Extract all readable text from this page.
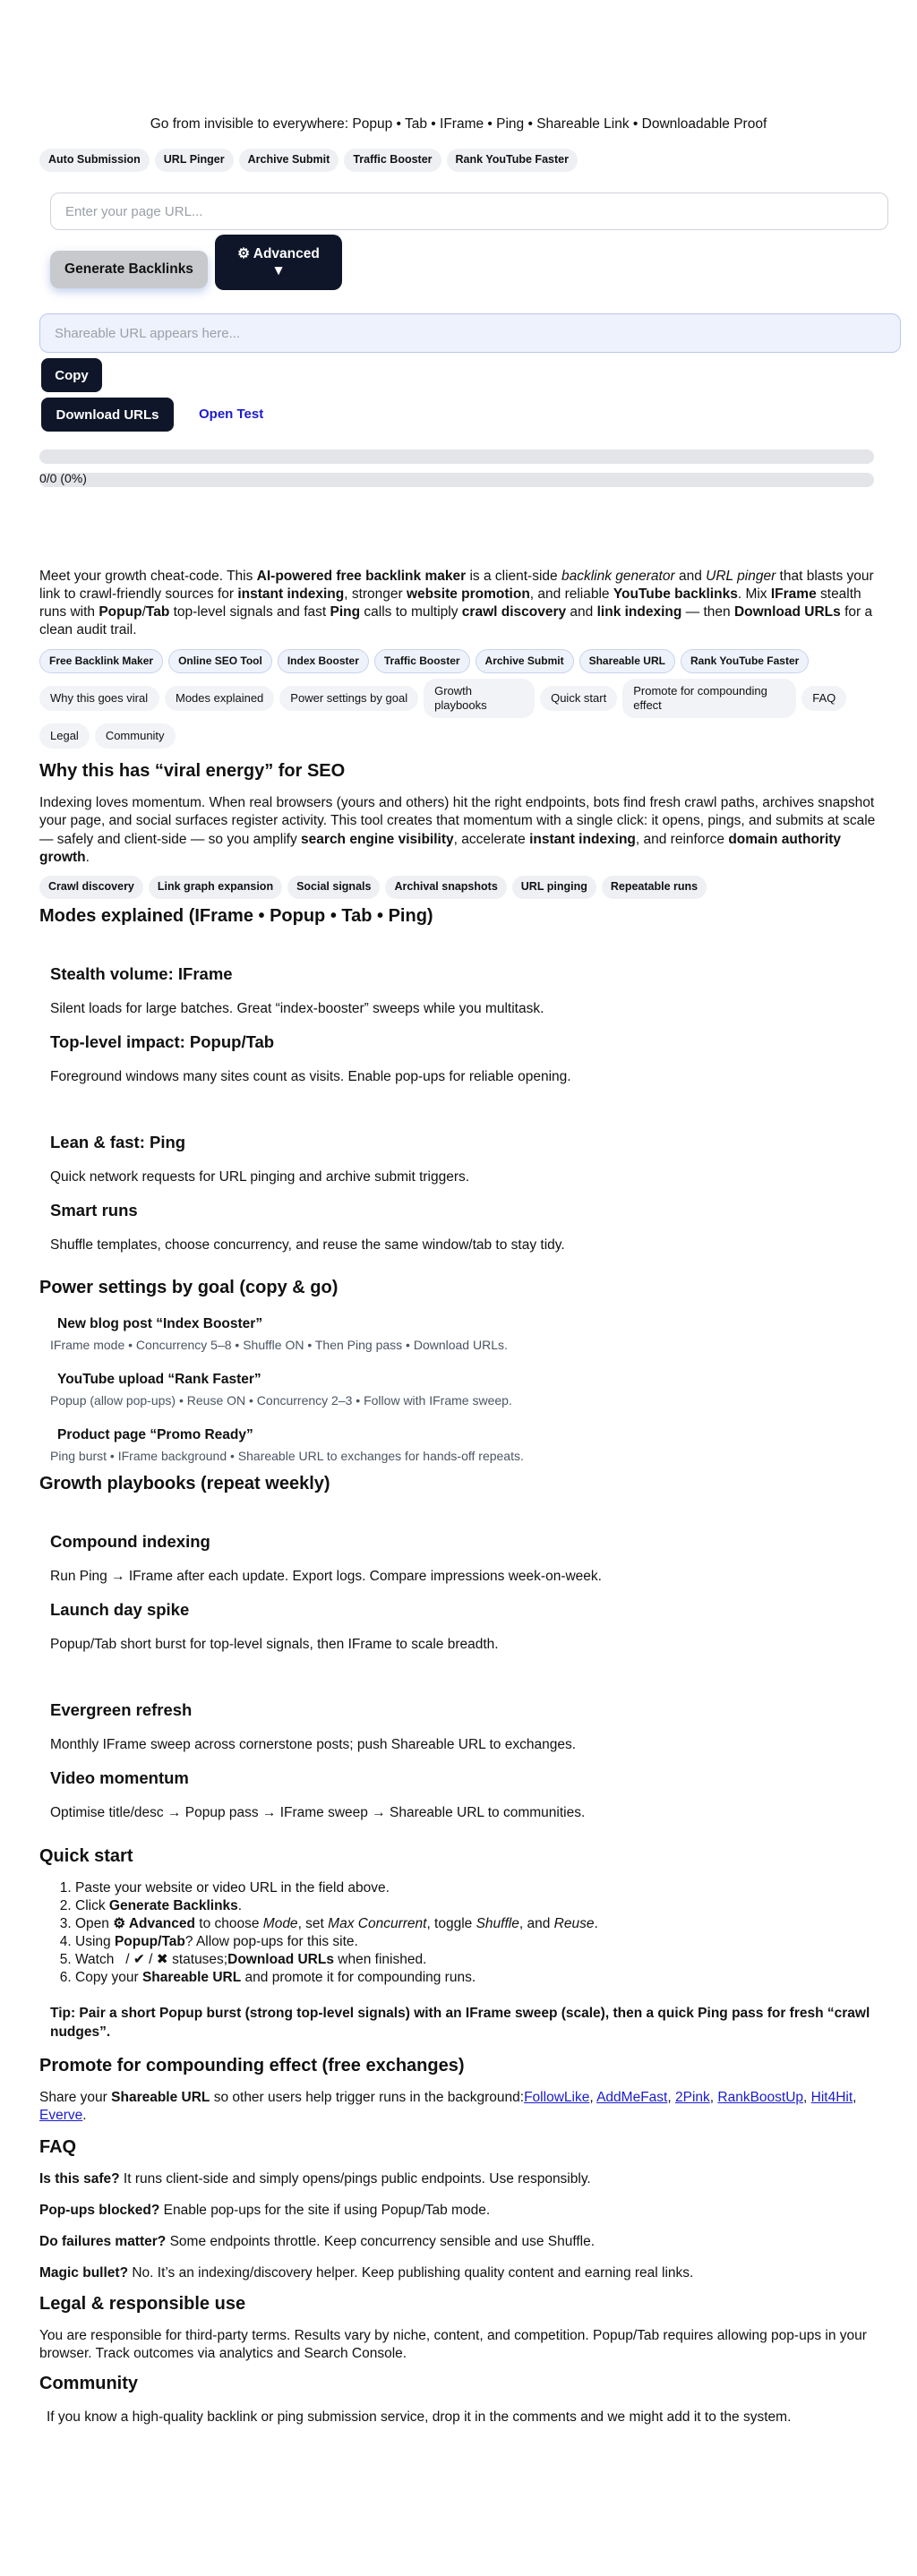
Go from invisible to everywhere: Popup • Tab • IFrame • Ping • Shareable Link • Downloadable Proof
Auto Submission	URL Pinger	Archive Submit	Traffic Booster	Rank YouTube Faster
Enter your page URL...
Generate Backlinks
⚙ Advanced
▼
Shareable URL appears here...
Copy
Download URLs	Open Test
0/0 (0%)

Meet your growth cheat-code. This AI-powered free backlink maker is a client-side backlink generator and URL pinger that blasts your link to crawl-friendly sources for instant indexing, stronger website promotion, and reliable YouTube backlinks. Mix IFrame stealth runs with Popup/Tab top-level signals and fast Ping calls to multiply crawl discovery and link indexing — then Download URLs for a clean audit trail.

Free Backlink Maker	Online SEO Tool	Index Booster	Traffic Booster	Archive Submit	Shareable URL	Rank YouTube Faster
Why this goes viral	Modes explained	Power settings by goal
Growth playbooks
Quick start
Promote for compounding effect
FAQ
Legal	Community
Why this has “viral energy” for SEO

Indexing loves momentum. When real browsers (yours and others) hit the right endpoints, bots find fresh crawl paths, archives snapshot your page, and social surfaces register activity. This tool creates that momentum with a single click: it opens, pings, and submits at scale — safely and client-side — so you amplify search engine visibility, accelerate instant indexing, and reinforce domain authority growth.

Crawl discovery	Link graph expansion	Social signals	Archival snapshots	URL pinging	Repeatable runs
Modes explained (IFrame • Popup • Tab • Ping)
Stealth volume: IFrame

Silent loads for large batches. Great “index-booster” sweeps while you multitask.

Top-level impact: Popup/Tab

Foreground windows many sites count as visits. Enable pop-ups for reliable opening.

Lean & fast: Ping

Quick network requests for URL pinging and archive submit triggers.

Smart runs

Shuffle templates, choose concurrency, and reuse the same window/tab to stay tidy.

Power settings by goal (copy & go)
New blog post “Index Booster”
IFrame mode • Concurrency 5–8 • Shuffle ON • Then Ping pass • Download URLs.
YouTube upload “Rank Faster”
Popup (allow pop-ups) • Reuse ON • Concurrency 2–3 • Follow with IFrame sweep.
Product page “Promo Ready”
Ping burst • IFrame background • Shareable URL to exchanges for hands-off repeats.
Growth playbooks (repeat weekly)
Compound indexing

Run Ping → IFrame after each update. Export logs. Compare impressions week-on-week.

Launch day spike

Popup/Tab short burst for top-level signals, then IFrame to scale breadth.

Evergreen refresh

Monthly IFrame sweep across cornerstone posts; push Shareable URL to exchanges.

Video momentum

Optimise title/desc → Popup pass → IFrame sweep → Shareable URL to communities.

Quick start
1. Paste your website or video URL in the field above.
2. Click Generate Backlinks.
3. Open ⚙ Advanced to choose Mode, set Max Concurrent, toggle Shuffle, and Reuse.
4. Using Popup/Tab? Allow pop-ups for this site.
5. Watch   / ✔ / ✖ statuses;Download URLs when finished.
6. Copy your Shareable URL and promote it for compounding runs.
Tip: Pair a short Popup burst (strong top-level signals) with an IFrame sweep (scale), then a quick Ping pass for fresh “crawl nudges”.
Promote for compounding effect (free exchanges)

Share your Shareable URL so other users help trigger runs in the background:FollowLike, AddMeFast, 2Pink, RankBoostUp, Hit4Hit, Everve.

FAQ

Is this safe? It runs client-side and simply opens/pings public endpoints. Use responsibly.

Pop-ups blocked? Enable pop-ups for the site if using Popup/Tab mode.

Do failures matter? Some endpoints throttle. Keep concurrency sensible and use Shuffle.

Magic bullet? No. It’s an indexing/discovery helper. Keep publishing quality content and earning real links.

Legal & responsible use

You are responsible for third-party terms. Results vary by niche, content, and competition. Popup/Tab requires allowing pop-ups in your browser. Track outcomes via analytics and Search Console.

Community

If you know a high-quality backlink or ping submission service, drop it in the comments and we might add it to the system.
